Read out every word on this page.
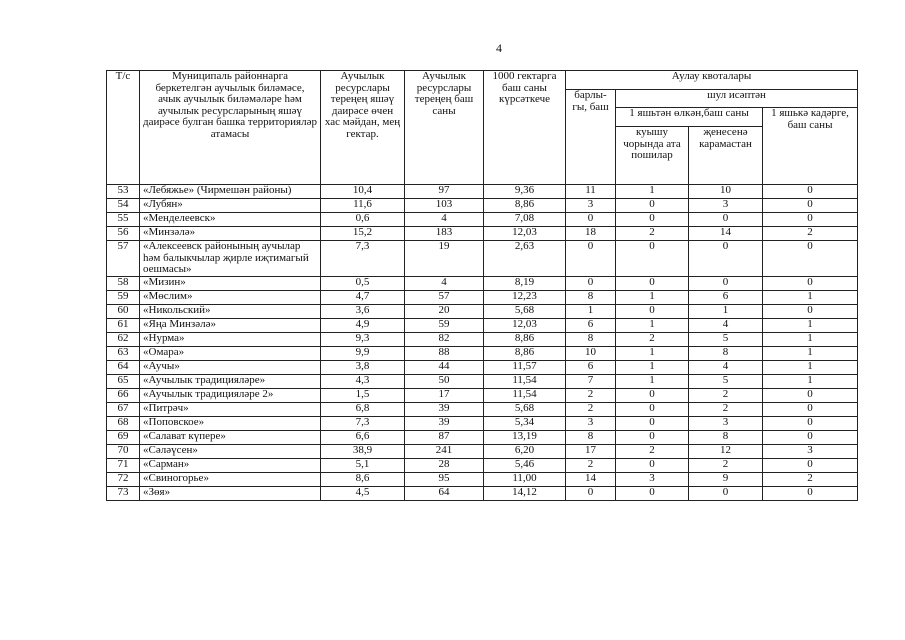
4
Т/с	Муниципаль районнарга беркетелгән аучылык биләмәсе, ачык аучылык биләмәләре һәм аучылык ресурсларының яшәү даирәсе булган башка территорияләр атамасы	Аучылык ресурслары тереңең яшәү даирәсе өчен хас мәйдан, мең гектар.	Аучылык ресурслары тереңең баш саны	1000 гектарга баш саны күрсәткече	Аулау квоталары			
					барлы-гы, баш	шул исәптән		
						1 яшьтән өлкән,баш саны		1 яшькә кадәрге, баш саны
						куышу чорында ата пошилар	җенесенә карамастан	
53	«Лебяжье» (Чирмешән районы)	10,4	97	9,36	11	1	10	0
54	«Лубян»	11,6	103	8,86	3	0	3	0
55	«Менделеевск»	0,6	4	7,08	0	0	0	0
56	«Минзәлә»	15,2	183	12,03	18	2	14	2
57	«Алексеевск районының аучылар һәм балыкчылар җирле иҗтимагый оешмасы»	7,3	19	2,63	0	0	0	0
58	«Мизин»	0,5	4	8,19	0	0	0	0
59	«Мөслим»	4,7	57	12,23	8	1	6	1
60	«Никольский»	3,6	20	5,68	1	0	1	0
61	«Яңа Минзәлә»	4,9	59	12,03	6	1	4	1
62	«Нурма»	9,3	82	8,86	8	2	5	1
63	«Омара»	9,9	88	8,86	10	1	8	1
64	«Аучы»	3,8	44	11,57	6	1	4	1
65	«Аучылык традицияләре»	4,3	50	11,54	7	1	5	1
66	«Аучылык традицияләре 2»	1,5	17	11,54	2	0	2	0
67	«Питрәч»	6,8	39	5,68	2	0	2	0
68	«Поповское»	7,3	39	5,34	3	0	3	0
69	«Салават күпере»	6,6	87	13,19	8	0	8	0
70	«Сәләүсен»	38,9	241	6,20	17	2	12	3
71	«Сарман»	5,1	28	5,46	2	0	2	0
72	«Свиногорье»	8,6	95	11,00	14	3	9	2
73	«Зөя»	4,5	64	14,12	0	0	0	0
